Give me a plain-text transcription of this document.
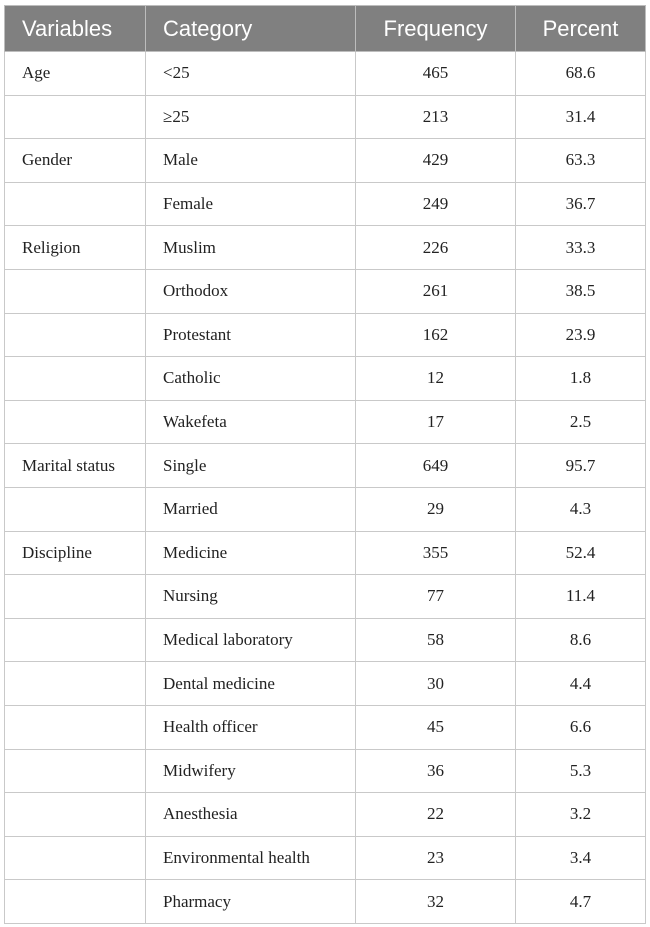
Variables	Category	Frequency	Percent
Age	<25	465	68.6
	≥25	213	31.4
Gender	Male	429	63.3
	Female	249	36.7
Religion	Muslim	226	33.3
	Orthodox	261	38.5
	Protestant	162	23.9
	Catholic	12	1.8
	Wakefeta	17	2.5
Marital status	Single	649	95.7
	Married	29	4.3
Discipline	Medicine	355	52.4
	Nursing	77	11.4
	Medical laboratory	58	8.6
	Dental medicine	30	4.4
	Health officer	45	6.6
	Midwifery	36	5.3
	Anesthesia	22	3.2
	Environmental health	23	3.4
	Pharmacy	32	4.7
